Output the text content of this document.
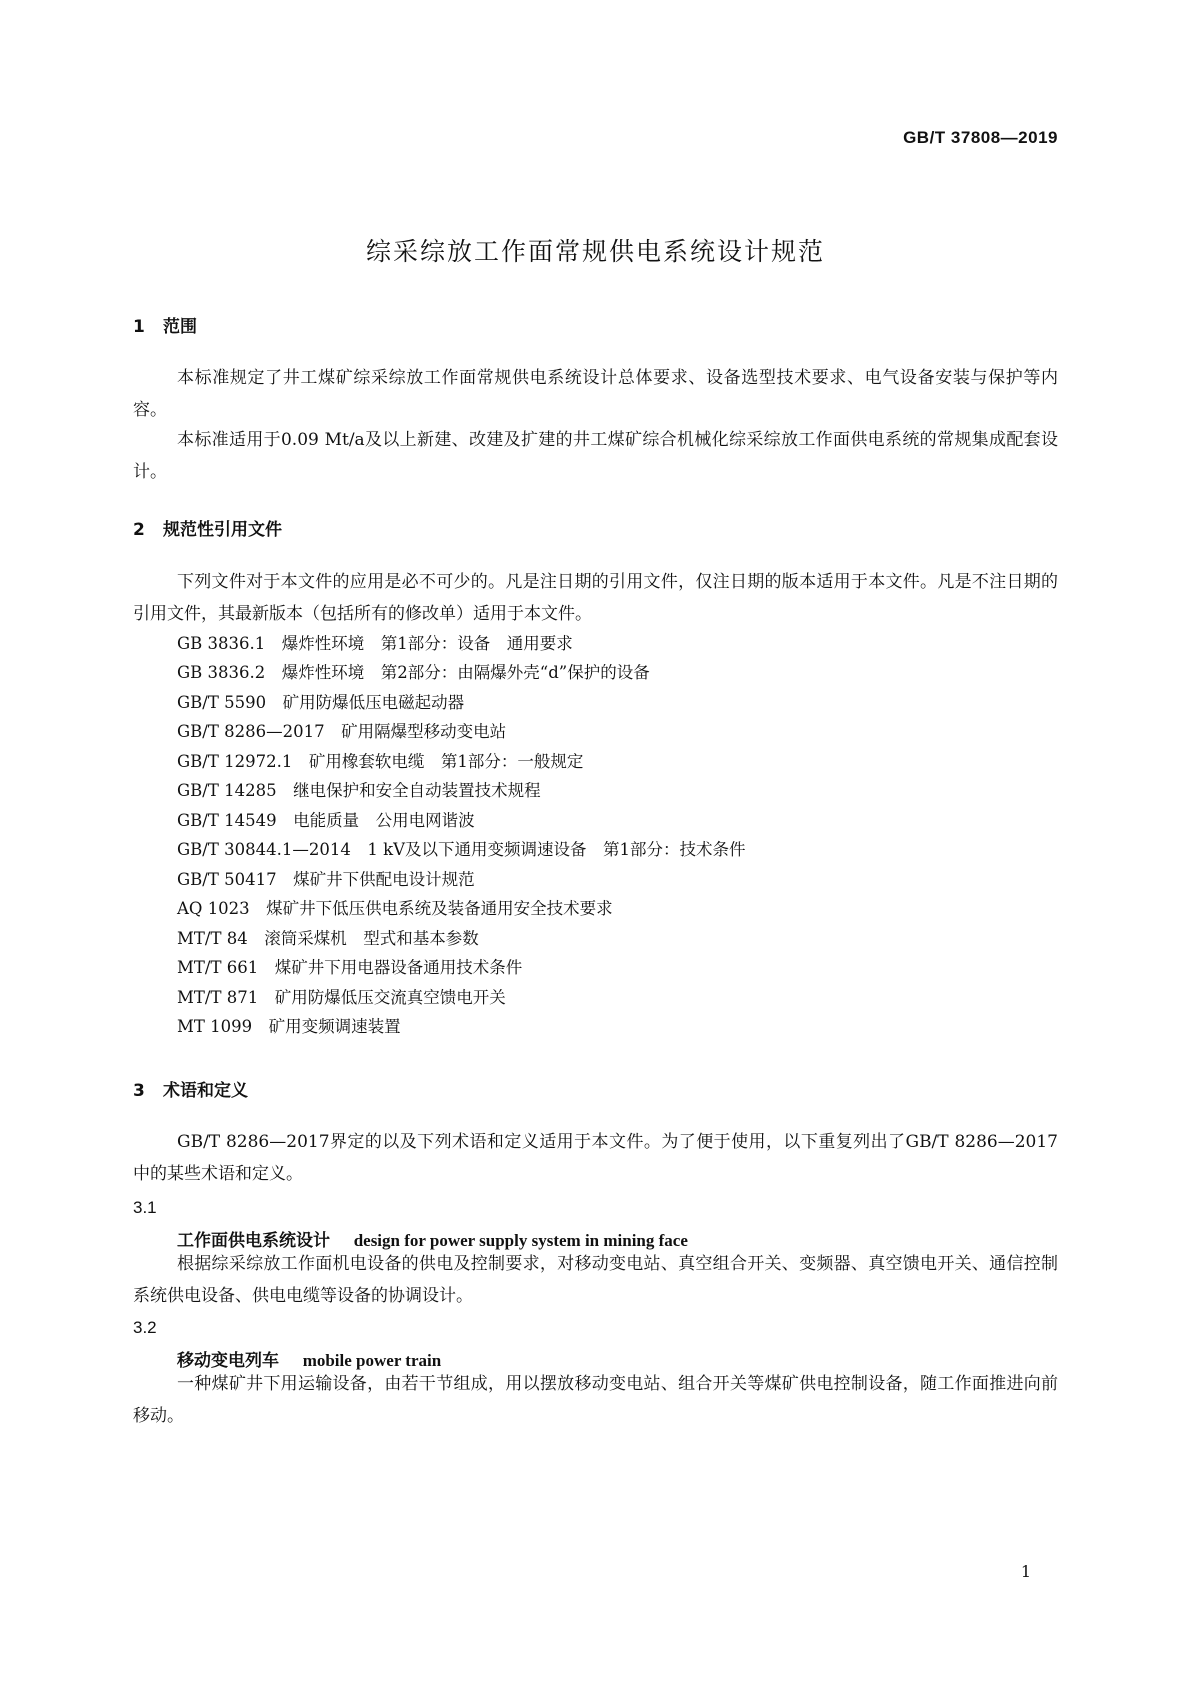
GB/T 37808—2019
综采综放工作面常规供电系统设计规范
1 范围
本标准规定了井工煤矿综采综放工作面常规供电系统设计总体要求、设备选型技术要求、电气设备安装与保护等内容。
本标准适用于0.09 Mt/a及以上新建、改建及扩建的井工煤矿综合机械化综采综放工作面供电系统的常规集成配套设计。
2 规范性引用文件
下列文件对于本文件的应用是必不可少的。凡是注日期的引用文件，仅注日期的版本适用于本文件。凡是不注日期的引用文件，其最新版本（包括所有的修改单）适用于本文件。
GB 3836.1　爆炸性环境　第1部分：设备　通用要求
GB 3836.2　爆炸性环境　第2部分：由隔爆外壳“d”保护的设备
GB/T 5590　矿用防爆低压电磁起动器
GB/T 8286—2017　矿用隔爆型移动变电站
GB/T 12972.1　矿用橡套软电缆　第1部分：一般规定
GB/T 14285　继电保护和安全自动装置技术规程
GB/T 14549　电能质量　公用电网谐波
GB/T 30844.1—2014　1 kV及以下通用变频调速设备　第1部分：技术条件
GB/T 50417　煤矿井下供配电设计规范
AQ 1023　煤矿井下低压供电系统及装备通用安全技术要求
MT/T 84　滚筒采煤机　型式和基本参数
MT/T 661　煤矿井下用电器设备通用技术条件
MT/T 871　矿用防爆低压交流真空馈电开关
MT 1099　矿用变频调速装置
3 术语和定义
GB/T 8286—2017界定的以及下列术语和定义适用于本文件。为了便于使用，以下重复列出了GB/T 8286—2017中的某些术语和定义。
3.1
工作面供电系统设计 design for power supply system in mining face
根据综采综放工作面机电设备的供电及控制要求，对移动变电站、真空组合开关、变频器、真空馈电开关、通信控制系统供电设备、供电电缆等设备的协调设计。
3.2
移动变电列车 mobile power train
一种煤矿井下用运输设备，由若干节组成，用以摆放移动变电站、组合开关等煤矿供电控制设备，随工作面推进向前移动。
1
